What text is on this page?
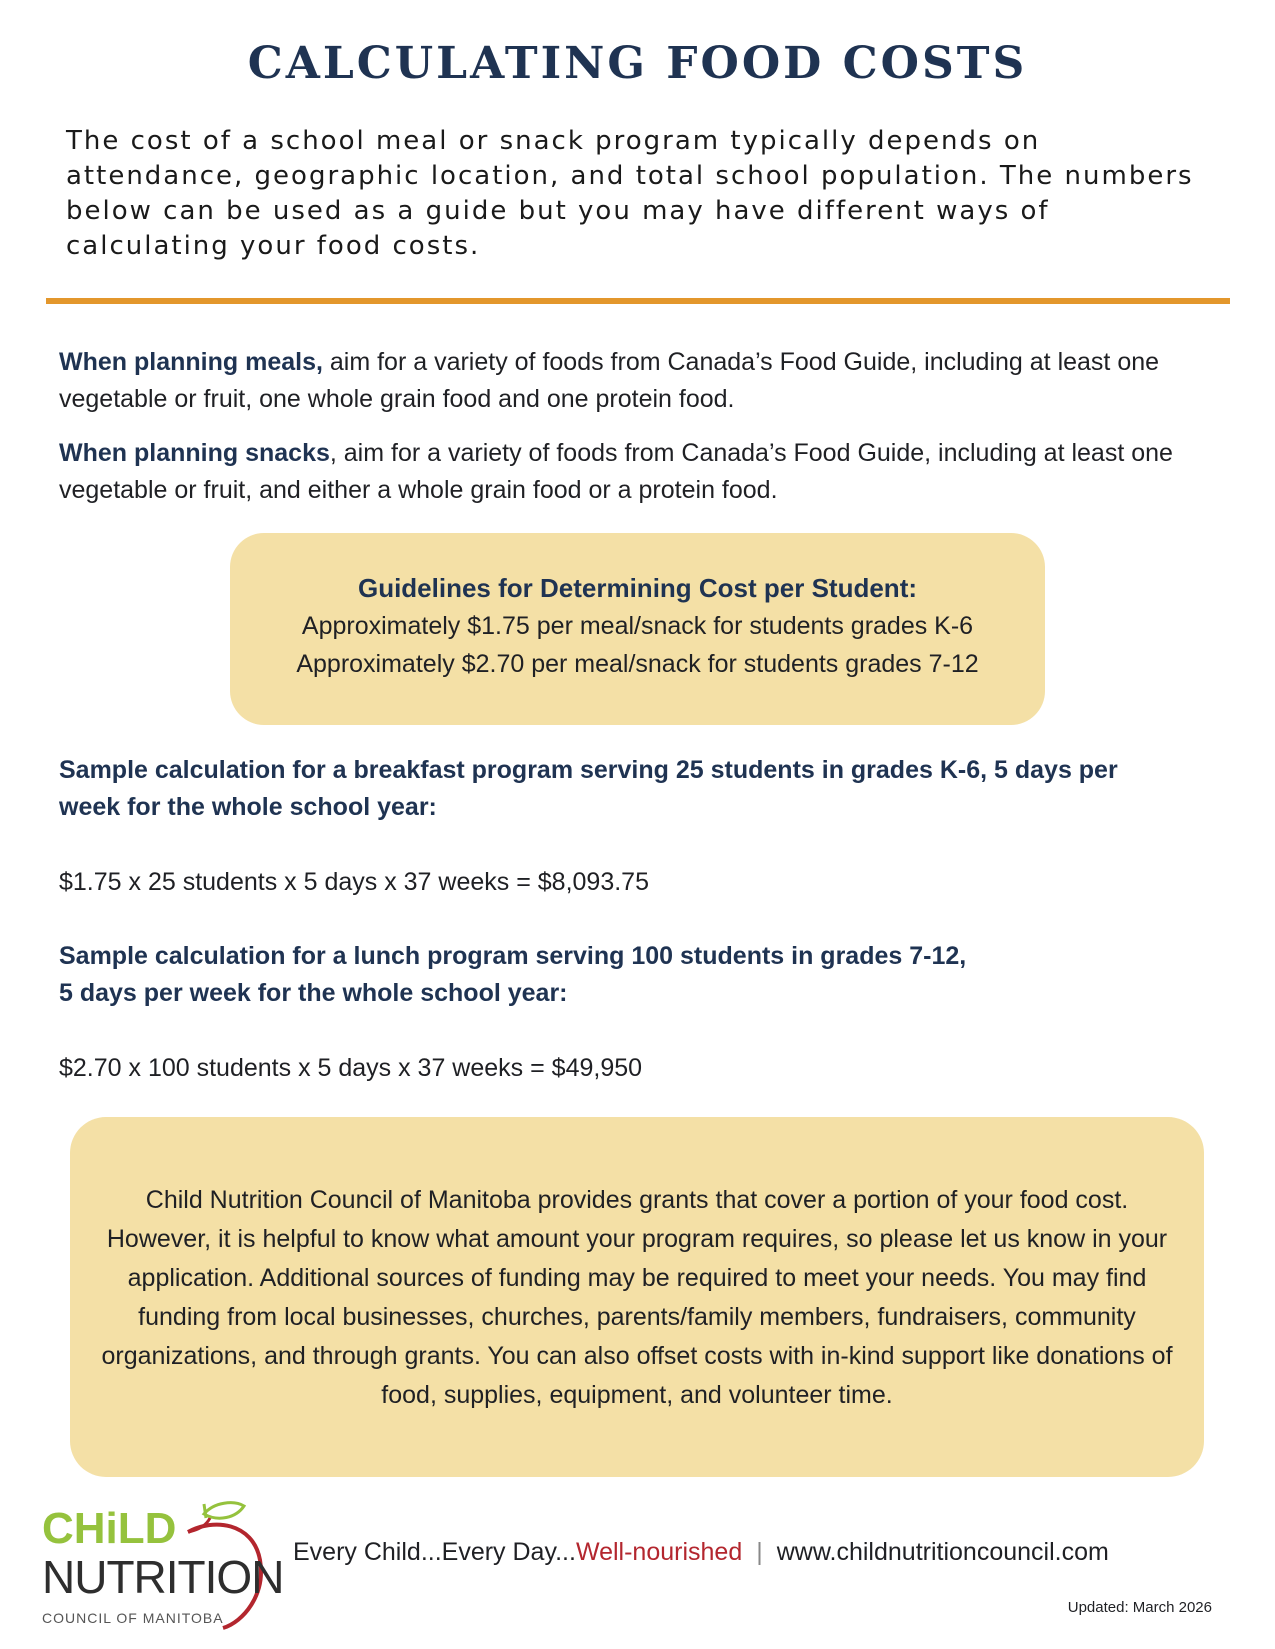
CALCULATING FOOD COSTS

The cost of a school meal or snack program typically depends on attendance, geographic location, and total school population. The numbers below can be used as a guide but you may have different ways of calculating your food costs.

When planning meals, aim for a variety of foods from Canada’s Food Guide, including at least one vegetable or fruit, one whole grain food and one protein food.

When planning snacks, aim for a variety of foods from Canada’s Food Guide, including at least one vegetable or fruit, and either a whole grain food or a protein food.

Guidelines for Determining Cost per Student:
Approximately $1.75 per meal/snack for students grades K-6
Approximately $2.70 per meal/snack for students grades 7-12

Sample calculation for a breakfast program serving 25 students in grades K-6, 5 days per week for the whole school year:

$1.75 x 25 students x 5 days x 37 weeks = $8,093.75

Sample calculation for a lunch program serving 100 students in grades 7-12,
5 days per week for the whole school year:

$2.70 x 100 students x 5 days x 37 weeks = $49,950

Child Nutrition Council of Manitoba provides grants that cover a portion of your food cost. However, it is helpful to know what amount your program requires, so please let us know in your application. Additional sources of funding may be required to meet your needs. You may find funding from local businesses, churches, parents/family members, fundraisers, community organizations, and through grants. You can also offset costs with in-kind support like donations of food, supplies, equipment, and volunteer time.

CHiLD
NUTRITION
COUNCIL OF MANITOBA
Every Child...Every Day...Well-nourished | www.childnutritioncouncil.com
Updated: March 2026
